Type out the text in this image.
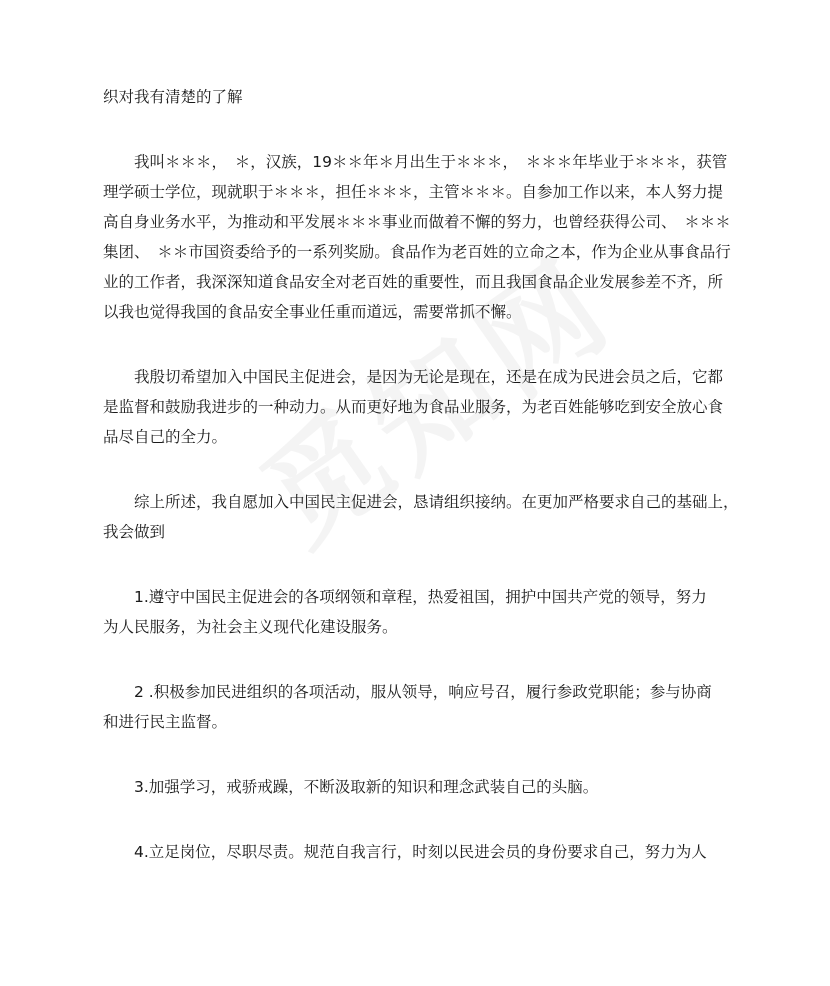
织对我有清楚的了解

　　我叫＊＊＊，　＊，汉族，19＊＊年＊月出生于＊＊＊，　＊＊＊年毕业于＊＊＊，获管

理学硕士学位，现就职于＊＊＊，担任＊＊＊，主管＊＊＊。自参加工作以来，本人努力提

高自身业务水平，为推动和平发展＊＊＊事业而做着不懈的努力，也曾经获得公司、　＊＊＊

集团、　＊＊市国资委给予的一系列奖励。食品作为老百姓的立命之本，作为企业从事食品行

业的工作者，我深深知道食品安全对老百姓的重要性，而且我国食品企业发展参差不齐，所

以我也觉得我国的食品安全事业任重而道远，需要常抓不懈。

　　我殷切希望加入中国民主促进会，是因为无论是现在，还是在成为民进会员之后，它都

是监督和鼓励我进步的一种动力。从而更好地为食品业服务，为老百姓能够吃到安全放心食

品尽自己的全力。

　　综上所述，我自愿加入中国民主促进会，恳请组织接纳。在更加严格要求自己的基础上，

我会做到

　　1.遵守中国民主促进会的各项纲领和章程，热爱祖国，拥护中国共产党的领导，努力

为人民服务，为社会主义现代化建设服务。

　　2 .积极参加民进组织的各项活动，服从领导，响应号召，履行参政党职能；参与协商

和进行民主监督。

　　3.加强学习，戒骄戒躁，不断汲取新的知识和理念武装自己的头脑。

　　4.立足岗位，尽职尽责。规范自我言行，时刻以民进会员的身份要求自己，努力为人
